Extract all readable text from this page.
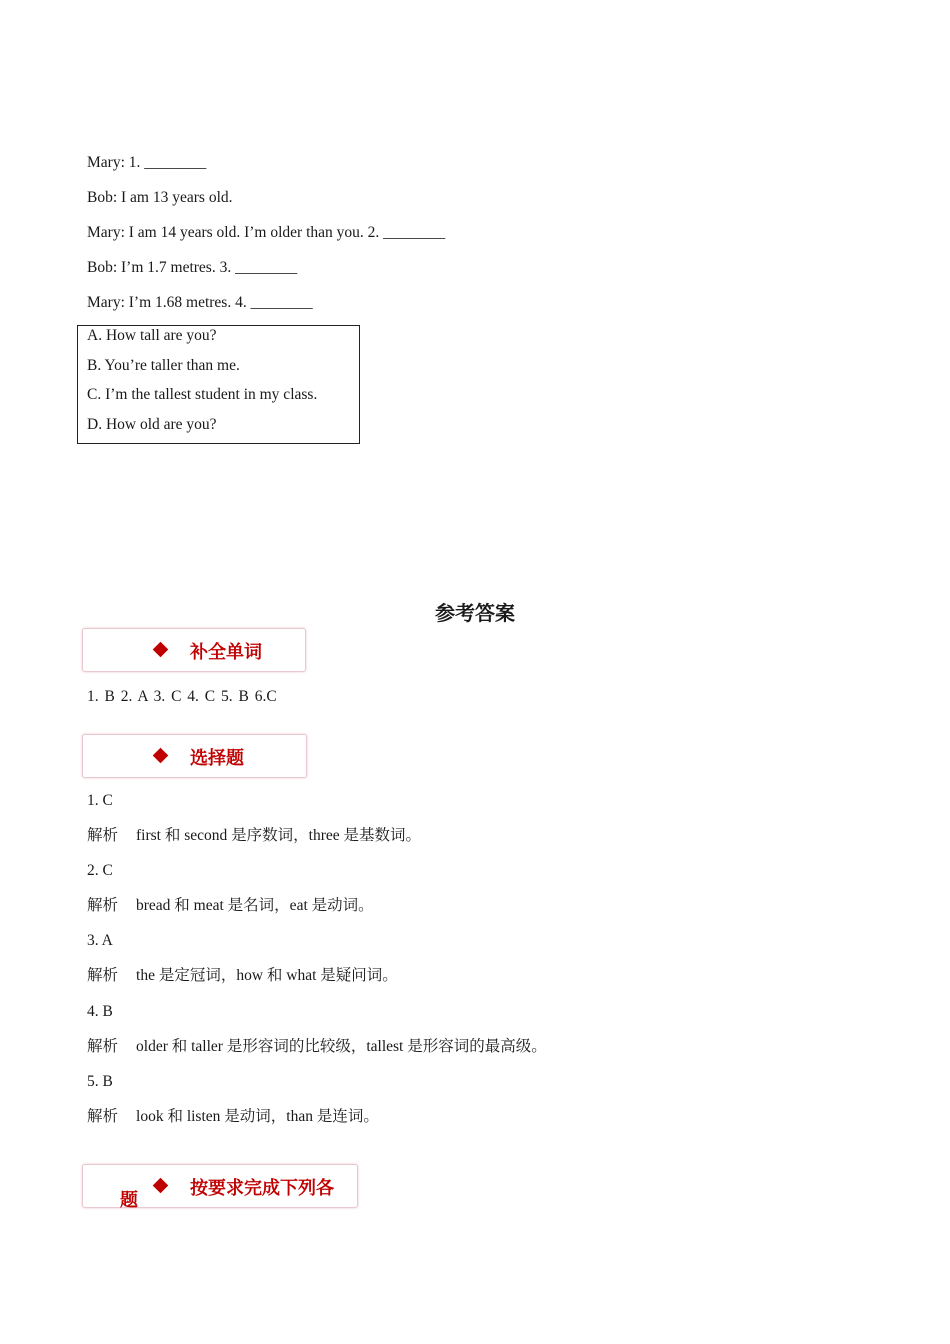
Mary: 1. ________
Bob: I am 13 years old.
Mary: I am 14 years old. I’m older than you. 2. ________
Bob: I’m 1.7 metres. 3. ________
Mary: I’m 1.68 metres. 4. ________
A. How tall are you?
B. You’re taller than me.
C. I’m the tallest student in my class.
D. How old are you?
参考答案
补全单词
1. B 2. A 3. C 4. C 5. B 6.C
选择题
1. C
解析 first 和 second 是序数词，three 是基数词。
2. C
解析 bread 和 meat 是名词，eat 是动词。
3. A
解析 the 是定冠词，how 和 what 是疑问词。
4. B
解析 older 和 taller 是形容词的比较级，tallest 是形容词的最高级。
5. B
解析 look 和 listen 是动词，than 是连词。
按要求完成下列各
题
